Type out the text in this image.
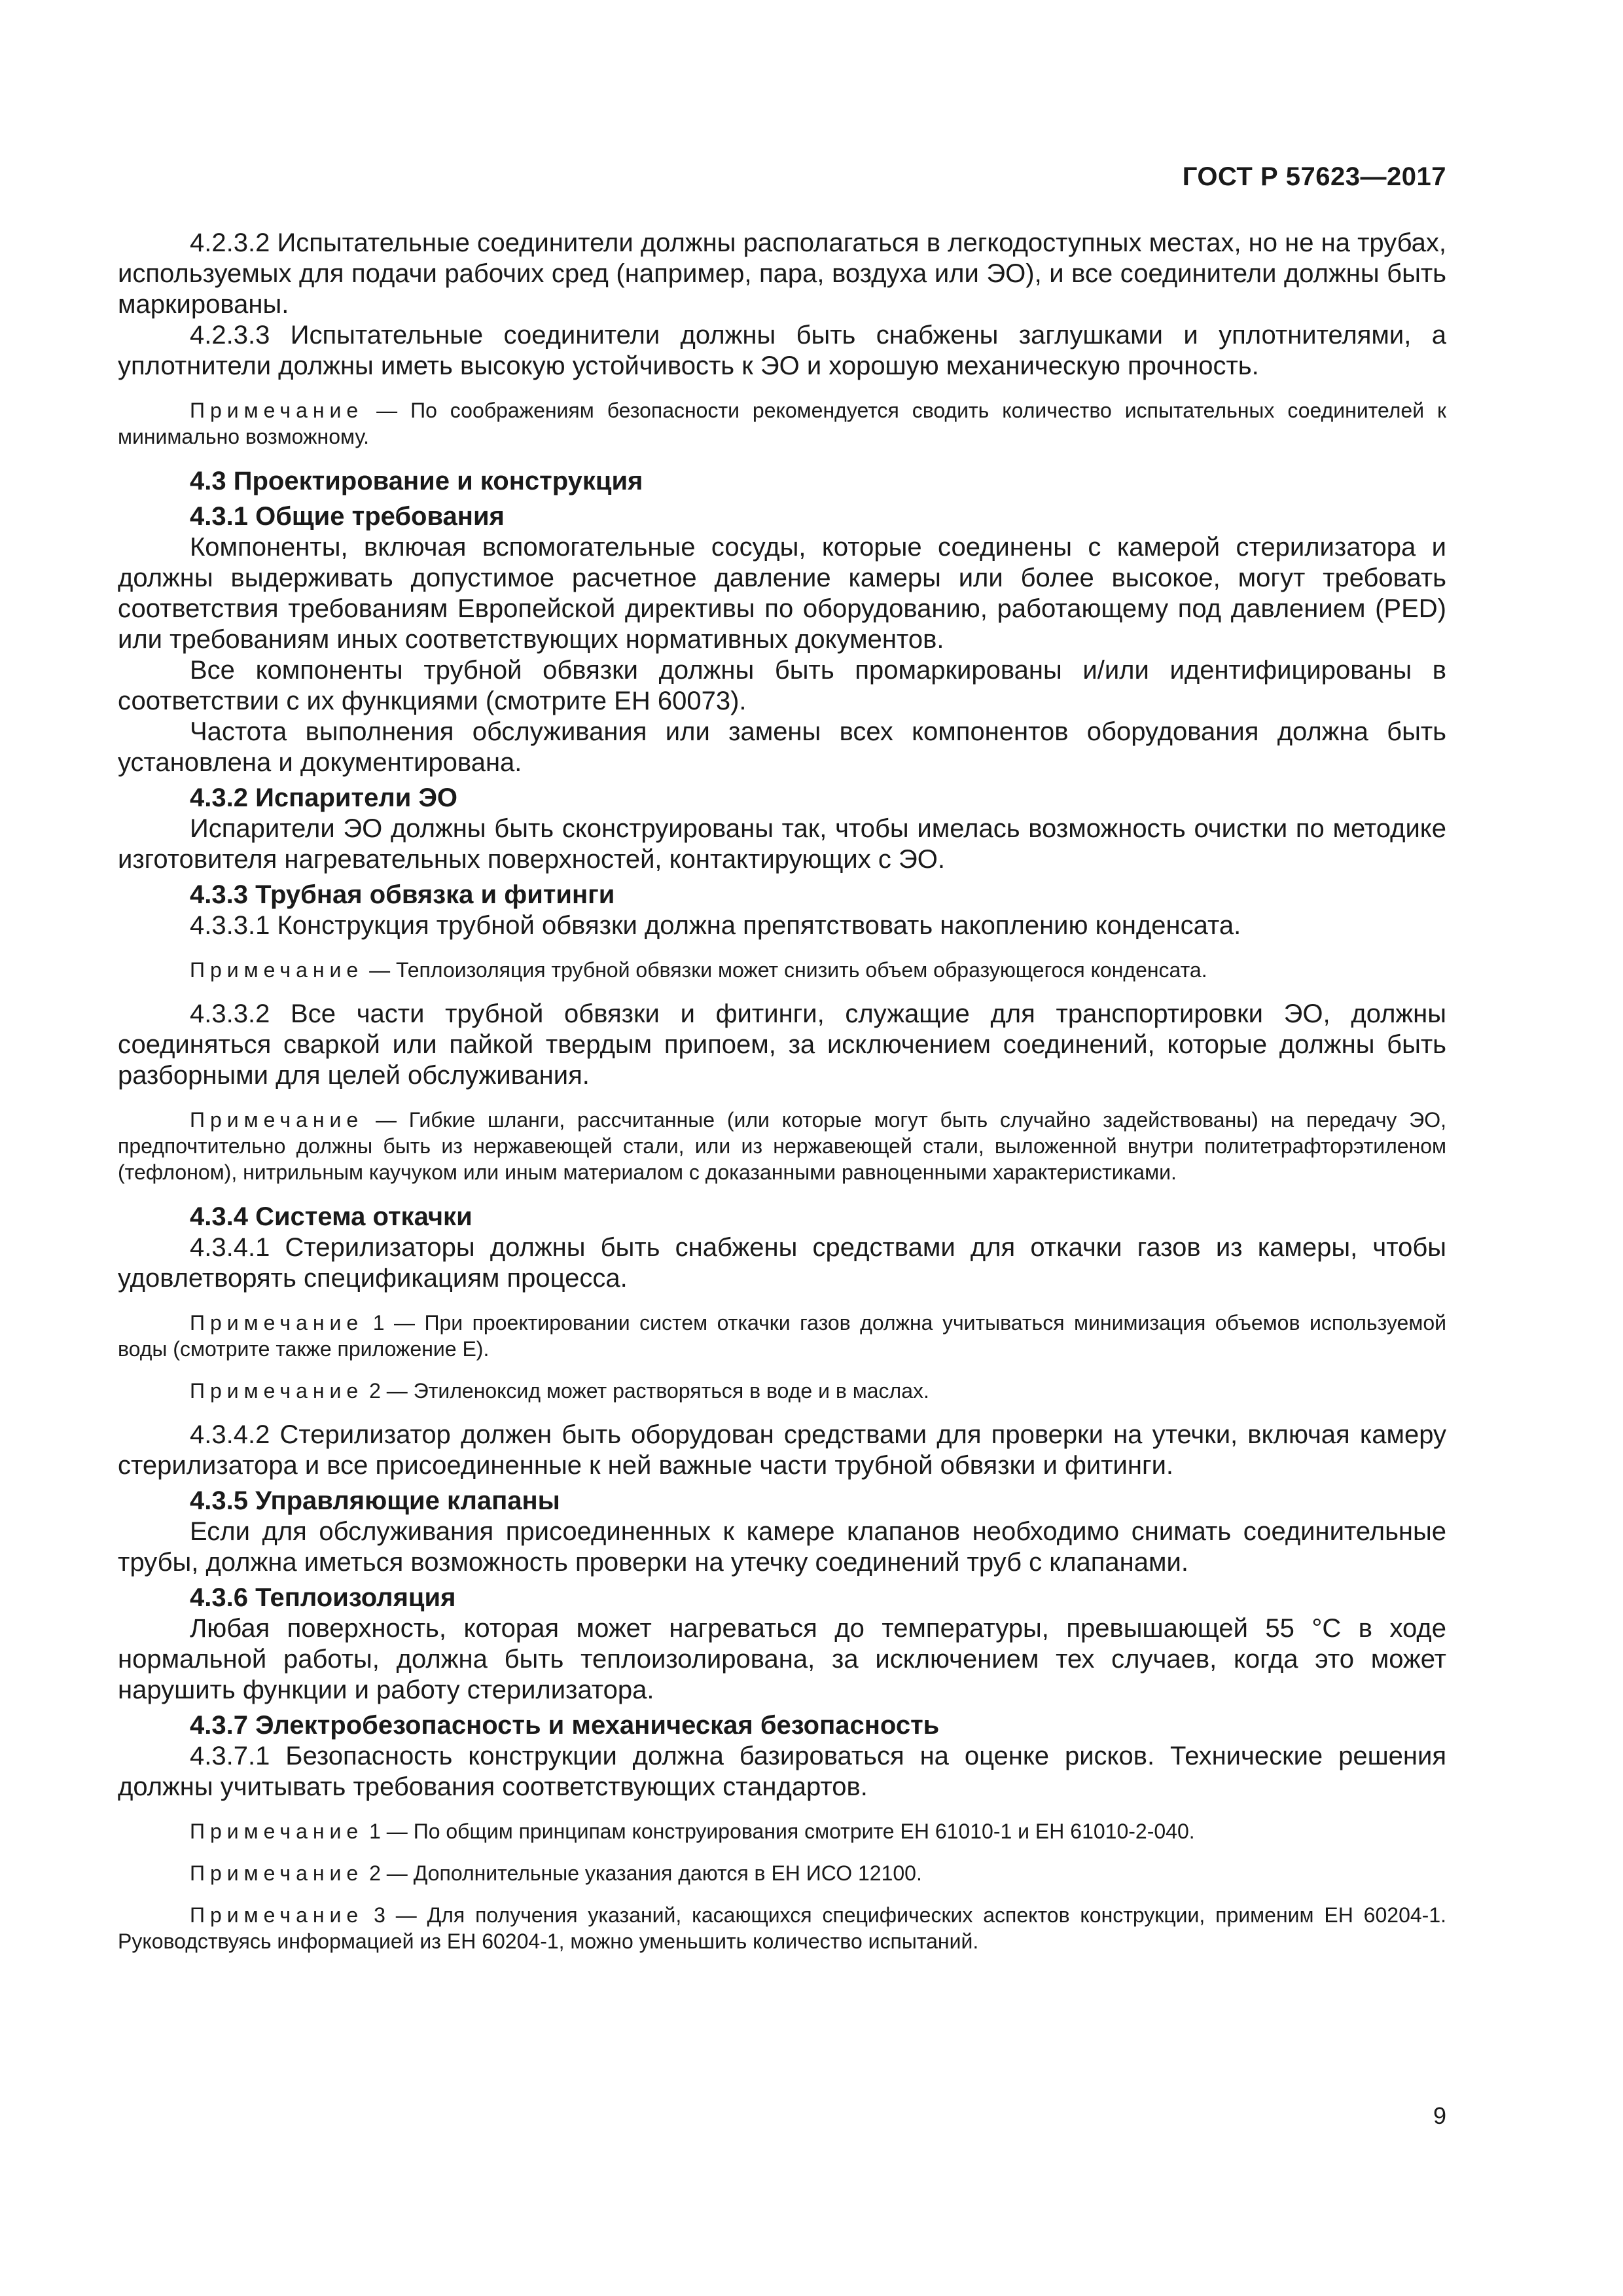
ГОСТ Р 57623—2017

4.2.3.2 Испытательные соединители должны располагаться в легкодоступных местах, но не на трубах, используемых для подачи рабочих сред (например, пара, воздуха или ЭО), и все соединители должны быть маркированы.

4.2.3.3 Испытательные соединители должны быть снабжены заглушками и уплотнителями, а уплотнители должны иметь высокую устойчивость к ЭО и хорошую механическую прочность.

Примечание — По соображениям безопасности рекомендуется сводить количество испытательных соединителей к минимально возможному.

4.3 Проектирование и конструкция

4.3.1 Общие требования

Компоненты, включая вспомогательные сосуды, которые соединены с камерой стерилизатора и должны выдерживать допустимое расчетное давление камеры или более высокое, могут требовать соответствия требованиям Европейской директивы по оборудованию, работающему под давлением (PED) или требованиям иных соответствующих нормативных документов.

Все компоненты трубной обвязки должны быть промаркированы и/или идентифицированы в соответствии с их функциями (смотрите ЕН 60073).

Частота выполнения обслуживания или замены всех компонентов оборудования должна быть установлена и документирована.

4.3.2 Испарители ЭО

Испарители ЭО должны быть сконструированы так, чтобы имелась возможность очистки по методике изготовителя нагревательных поверхностей, контактирующих с ЭО.

4.3.3 Трубная обвязка и фитинги

4.3.3.1 Конструкция трубной обвязки должна препятствовать накоплению конденсата.

Примечание — Теплоизоляция трубной обвязки может снизить объем образующегося конденсата.

4.3.3.2 Все части трубной обвязки и фитинги, служащие для транспортировки ЭО, должны соединяться сваркой или пайкой твердым припоем, за исключением соединений, которые должны быть разборными для целей обслуживания.

Примечание — Гибкие шланги, рассчитанные (или которые могут быть случайно задействованы) на передачу ЭО, предпочтительно должны быть из нержавеющей стали, или из нержавеющей стали, выложенной внутри политетрафторэтиленом (тефлоном), нитрильным каучуком или иным материалом с доказанными равноценными характеристиками.

4.3.4 Система откачки

4.3.4.1 Стерилизаторы должны быть снабжены средствами для откачки газов из камеры, чтобы удовлетворять спецификациям процесса.

Примечание 1 — При проектировании систем откачки газов должна учитываться минимизация объемов используемой воды (смотрите также приложение Е).

Примечание 2 — Этиленоксид может растворяться в воде и в маслах.

4.3.4.2 Стерилизатор должен быть оборудован средствами для проверки на утечки, включая камеру стерилизатора и все присоединенные к ней важные части трубной обвязки и фитинги.

4.3.5 Управляющие клапаны

Если для обслуживания присоединенных к камере клапанов необходимо снимать соединительные трубы, должна иметься возможность проверки на утечку соединений труб с клапанами.

4.3.6 Теплоизоляция

Любая поверхность, которая может нагреваться до температуры, превышающей 55 °С в ходе нормальной работы, должна быть теплоизолирована, за исключением тех случаев, когда это может нарушить функции и работу стерилизатора.

4.3.7 Электробезопасность и механическая безопасность

4.3.7.1 Безопасность конструкции должна базироваться на оценке рисков. Технические решения должны учитывать требования соответствующих стандартов.

Примечание 1 — По общим принципам конструирования смотрите ЕН 61010-1 и ЕН 61010-2-040.

Примечание 2 — Дополнительные указания даются в ЕН ИСО 12100.

Примечание 3 — Для получения указаний, касающихся специфических аспектов конструкции, применим ЕН 60204-1. Руководствуясь информацией из ЕН 60204-1, можно уменьшить количество испытаний.

9
